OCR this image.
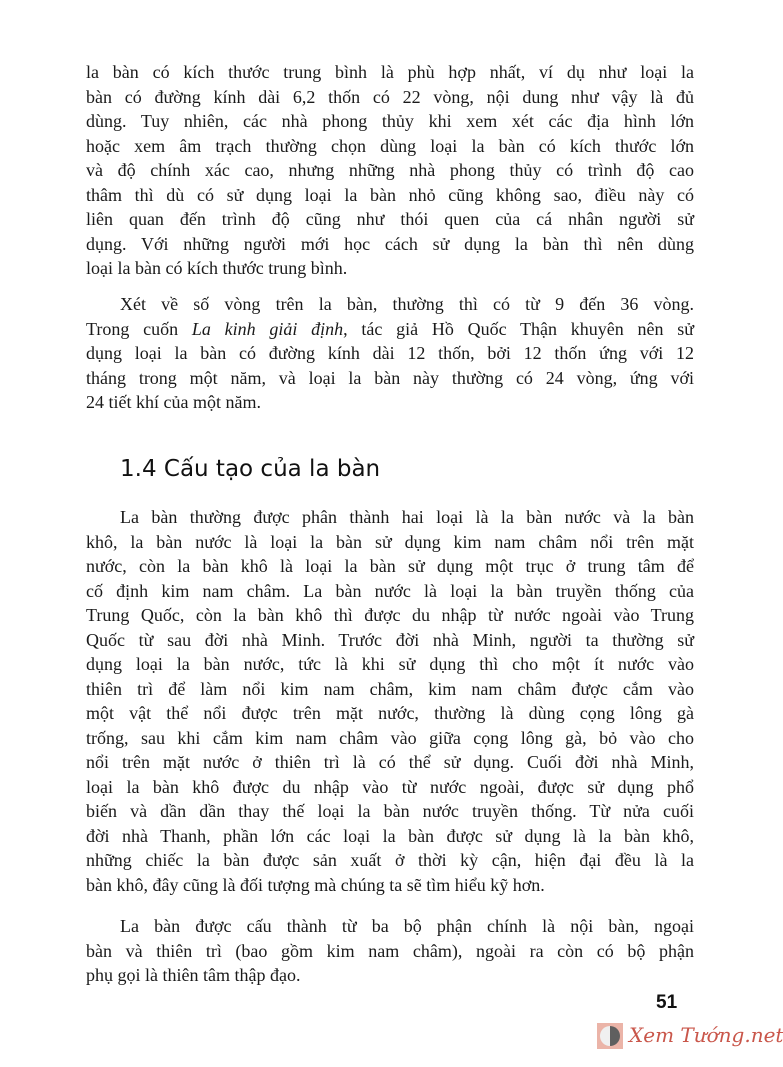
1.4 Cấu tạo của la bàn
la bàn có kích thước trung bình là phù hợp nhất, ví dụ như loại la
bàn có đường kính dài 6,2 thốn có 22 vòng, nội dung như vậy là đủ
dùng. Tuy nhiên, các nhà phong thủy khi xem xét các địa hình lớn
hoặc xem âm trạch thường chọn dùng loại la bàn có kích thước lớn
và độ chính xác cao, nhưng những nhà phong thủy có trình độ cao
thâm thì dù có sử dụng loại la bàn nhỏ cũng không sao, điều này có
liên quan đến trình độ cũng như thói quen của cá nhân người sử
dụng. Với những người mới học cách sử dụng la bàn thì nên dùng
loại la bàn có kích thước trung bình.
Xét về số vòng trên la bàn, thường thì có từ 9 đến 36 vòng.
Trong cuốn La kinh giải định, tác giả Hồ Quốc Thận khuyên nên sử
dụng loại la bàn có đường kính dài 12 thốn, bởi 12 thốn ứng với 12
tháng trong một năm, và loại la bàn này thường có 24 vòng, ứng với
24 tiết khí của một năm.
La bàn thường được phân thành hai loại là la bàn nước và la bàn
khô, la bàn nước là loại la bàn sử dụng kim nam châm nổi trên mặt
nước, còn la bàn khô là loại la bàn sử dụng một trục ở trung tâm để
cố định kim nam châm. La bàn nước là loại la bàn truyền thống của
Trung Quốc, còn la bàn khô thì được du nhập từ nước ngoài vào Trung
Quốc từ sau đời nhà Minh. Trước đời nhà Minh, người ta thường sử
dụng loại la bàn nước, tức là khi sử dụng thì cho một ít nước vào
thiên trì để làm nổi kim nam châm, kim nam châm được cắm vào
một vật thể nổi được trên mặt nước, thường là dùng cọng lông gà
trống, sau khi cắm kim nam châm vào giữa cọng lông gà, bỏ vào cho
nổi trên mặt nước ở thiên trì là có thể sử dụng. Cuối đời nhà Minh,
loại la bàn khô được du nhập vào từ nước ngoài, được sử dụng phổ
biến và dần dần thay thế loại la bàn nước truyền thống. Từ nửa cuối
đời nhà Thanh, phần lớn các loại la bàn được sử dụng là la bàn khô,
những chiếc la bàn được sản xuất ở thời kỳ cận, hiện đại đều là la
bàn khô, đây cũng là đối tượng mà chúng ta sẽ tìm hiểu kỹ hơn.
La bàn được cấu thành từ ba bộ phận chính là nội bàn, ngoại
bàn và thiên trì (bao gồm kim nam châm), ngoài ra còn có bộ phận
phụ gọi là thiên tâm thập đạo.
51
Xem Tướng.net
